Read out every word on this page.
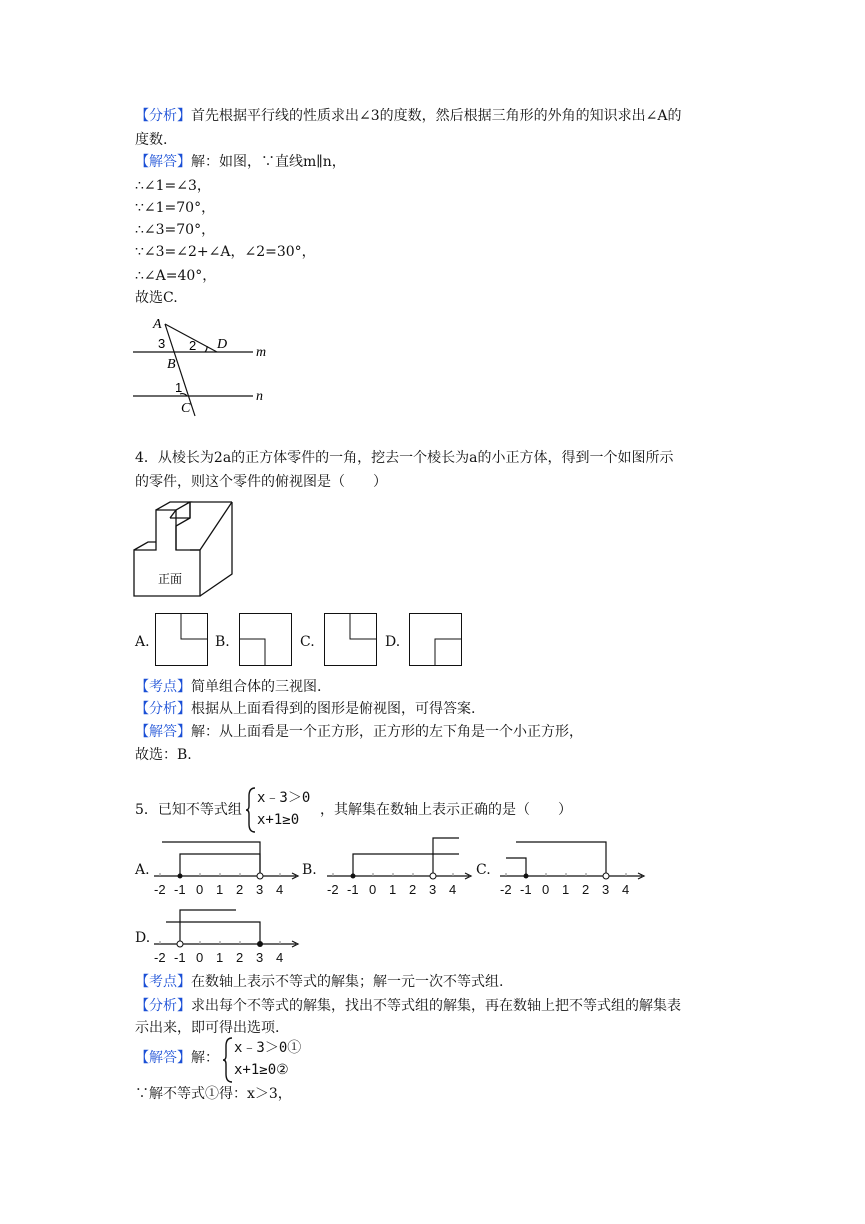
【分析】首先根据平行线的性质求出∠3的度数，然后根据三角形的外角的知识求出∠A的
度数.
【解答】解：如图，∵直线m∥n，
∴∠1=∠3，
∵∠1=70°，
∴∠3=70°，
∵∠3=∠2+∠A，∠2=30°，
∴∠A=40°，
故选C.
A
3
B
2 D
m
1
C
n
4．从棱长为2a的正方体零件的一角，挖去一个棱长为a的小正方体，得到一个如图所示
的零件，则这个零件的俯视图是（　　）
正面
A.	B.	C.	D.
【考点】简单组合体的三视图.
【分析】根据从上面看得到的图形是俯视图，可得答案.
【解答】解：从上面看是一个正方形，正方形的左下角是一个小正方形，
故选：B.
5．已知不等式组
x﹣3＞0
x+1≥0
，其解集在数轴上表示正确的是（　　）
A.
-2 -1 0 1 2 3 4
B.
-2 -1 0 1 2 3 4
C.
-2 -1 0 1 2 3 4
D.
-2 -1 0 1 2 3 4
【考点】在数轴上表示不等式的解集；解一元一次不等式组.
【分析】求出每个不等式的解集，找出不等式组的解集，再在数轴上把不等式组的解集表
示出来，即可得出选项.
【解答】解：
x﹣3＞0①
x+1≥0②
∵解不等式①得：x＞3，
